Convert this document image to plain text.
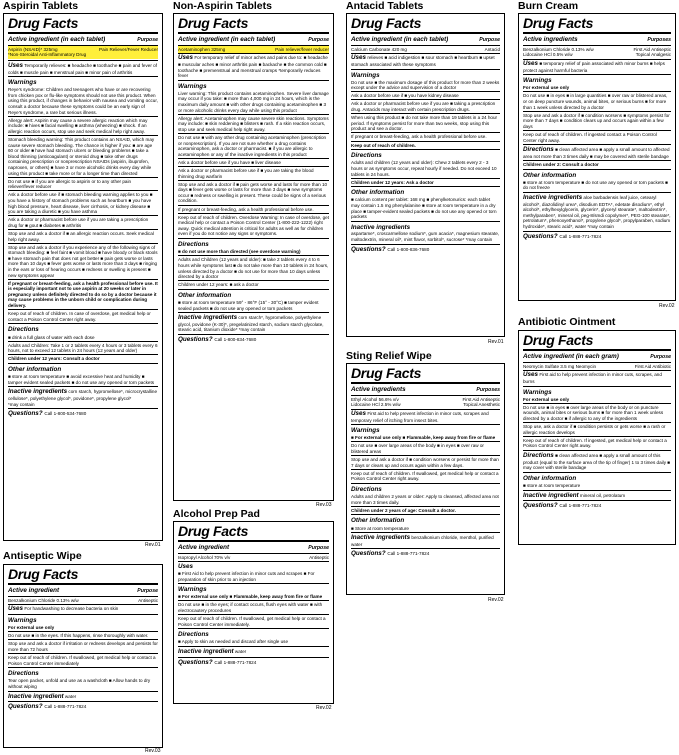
Aspirin Tablets
Drug Facts
Active ingredient (in each tablet)	Purpose
Aspirin (NSAID)* 325mg	Pain Reliever/Fever Reducer
*Non-Steroidal Anti-Inflammatory Drug
Uses Temporarily relieves: ■ headache ■ toothache ■ pain and fever of colds ■ muscle pain ■ menstrual pain ■ minor pain of arthritis
Warnings
Reye's syndrome: Children and teenagers who have or are recovering from chicken pox or flu-like symptoms should not use this product. When using this product, if changes in behavior with nausea and vomiting occur, consult a doctor because these symptoms could be an early sign of Reye's syndrome, a rare but serious illness.
Allergy alert: Aspirin may cause a severe allergic reaction which may include: ■ hives ■ facial swelling ■ asthma (wheezing) ■ shock. If an allergic reaction occurs, stop use and seek medical help right away.
Stomach bleeding warning: This product contains an NSAID, which may cause severe stomach bleeding. The chance is higher if you: ■ are age 60 or older ■ have had stomach ulcers or bleeding problems ■ take a blood thinning (anticoagulant) or steroid drug ■ take other drugs containing prescription or nonprescription NSAIDs (aspirin, ibuprofen, naproxen, or others) ■ have 3 or more alcoholic drinks every day while using this product ■ take more or for a longer time than directed
Do not use ■ if you are allergic to aspirin or to any other pain reliever/fever reducer
Ask a doctor before use if ■ stomach bleeding warning applies to you ■ you have a history of stomach problems such as heartburn ■ you have high blood pressure, heart disease, liver cirrhosis, or kidney disease ■ you are taking a diuretic ■ you have asthma
Ask a doctor or pharmacist before use if you are taking a prescription drug for ■ gout ■ diabetes ■ arthritis
Stop use and ask a doctor if ■ an allergic reaction occurs. Seek medical help right away.
Stop use and ask a doctor if you experience any of the following signs of stomach bleeding: ■ feel faint ■ vomit blood ■ have bloody or black stools ■ have stomach pain that does not get better ■ pain gets worse or lasts more than 10 days ■ fever gets worse or lasts more than 3 days ■ ringing in the ears or loss of hearing occurs ■ redness or swelling is present ■ new symptoms appear
If pregnant or breast-feeding, ask a health professional before use. It is especially important not to use aspirin at 20 weeks or later in pregnancy unless definitely directed to do so by a doctor because it may cause problems in the unborn child or complication during delivery.
Keep out of reach of children. In case of overdose, get medical help or contact a Poison Control Center right away.
Directions
■ drink a full glass of water with each dose
Adults and Children: Take 1 or 2 tablets every 4 hours or 3 tablets every 6 hours, not to exceed 12 tablets in 24 hours (12 years and older)
Children under 12 years: Consult a doctor
Other information
■ store at room temperature ■ avoid excessive heat and humidity ■ tamper evident sealed packets ■ do not use any opened or torn packets
Inactive ingredients corn starch, hypromellose*, microcrystalline cellulose*, polyethylene glycol*, povidone*, propylene glycol*
*may contain
Questions? Call 1-800-534-7680
Rev.01
Antiseptic Wipe
Drug Facts
Active ingredient	Purpose
Benzalkonium Chloride 0.13% w/w	Antiseptic
Uses For handwashing to decrease bacteria on skin
Warnings
For external use only
Do not use ■ in the eyes. If this happens, rinse thoroughly with water.
Stop use and ask a doctor if irritation or redness develops and persists for more than 72 hours
Keep out of reach of children. If swallowed, get medical help or contact a Poison Control Center immediately
Directions
Tear open packet, unfold and use as a washcloth ■ Allow hands to dry without wiping
Inactive ingredient water
Questions? Call 1-888-771-7824
Rev.03
Non-Aspirin Tablets
Drug Facts
Active ingredient (in each tablet)	Purpose
Acetaminophen 325mg	Pain reliever/fever reducer
Uses For temporary relief of minor aches and pains due to: ■ headache ■ muscular aches ■ minor arthritis pain ■ backache ■ the common cold ■ toothache ■ premenstrual and menstrual cramps *temporarily reduces fever
Warnings
Liver warning: This product contains acetaminophen. Severe liver damage may occur if you take: ■ more than 4,000 mg in 24 hours, which is the maximum daily amount ■ with other drugs containing acetaminophen ■ 3 or more alcoholic drinks every day while using this product
Allergy alert: Acetaminophen may cause severe skin reactions. Symptoms may include: ■ skin reddening ■ blisters ■ rash. If a skin reaction occurs, stop use and seek medical help right away.
Do not use ■ with any other drug containing acetaminophen (prescription or nonprescription). If you are not sure whether a drug contains acetaminophen, ask a doctor or pharmacist. ■ if you are allergic to acetaminophen or any of the inactive ingredients in this product
Ask a doctor before use if you have ■ liver disease
Ask a doctor or pharmacist before use if ■ you are taking the blood thinning drug warfarin
Stop use and ask a doctor if ■ pain gets worse and lasts for more than 10 days ■ fever gets worse or lasts for more than 3 days ■ new symptoms occur ■ redness or swelling is present. These could be signs of a serious condition.
If pregnant or breast-feeding, ask a health professional before use.
Keep out of reach of children. Overdose Warning: In case of overdose, get medical help or contact a Poison Control Center (1-800-222-1222) right away. Quick medical attention is critical for adults as well as for children even if you do not notice any signs or symptoms.
Directions
■ do not use more than directed (see overdose warning)
Adults and Children (12 years and older): ■ take 2 tablets every 4 to 6 hours while symptoms last ■ do not take more than 10 tablets in 24 hours, unless directed by a doctor ■ do not use for more than 10 days unless directed by a doctor
Children under 12 years: ■ ask a doctor
Other information
■ store at room temperature 59° - 86°F (15° - 30°C) ■ tamper evident sealed packets ■ do not use any opened or torn packets
Inactive ingredients corn starch*, hypromellose, polyethylene glycol, povidone (K-30)*, pregelatinized starch, sodium starch glycolate, stearic acid, titanium dioxide* *may contain
Questions? Call 1-800-834-7680
Rev.03
Alcohol Prep Pad
Drug Facts
Active ingredient	Purpose
Isopropyl Alcohol 70% v/v	Antiseptic
Uses
■ First Aid to help prevent infection in minor cuts and scrapes ■ For preparation of skin prior to an injection
Warnings
■ For external use only ■ Flammable, keep away from fire or flame
Do not use ■ in the eyes; if contact occurs, flush eyes with water ■ with electrocautery procedures
Keep out of reach of children. If swallowed, get medical help or contact a Poison Control Center immediately.
Directions
■ Apply to skin as needed and discard after single use
Inactive ingredient water
Questions? Call 1-888-771-7824
Rev.02
Antacid Tablets
Drug Facts
Active ingredient (in each tablet)	Purpose
Calcium Carbonate 420 mg	Antacid
Uses relieves ■ acid indigestion ■ sour stomach ■ heartburn ■ upset stomach associated with these symptoms
Warnings
Do not use ■ the maximum dosage of this product for more than 2 weeks except under the advice and supervision of a doctor
Ask a doctor before use if ■ you have kidney disease
Ask a doctor or pharmacist before use if you are ■ taking a prescription drug. Antacids may interact with certain prescription drugs.
When using this product ■ do not take more than 19 tablets in a 24 hour period. If symptoms persist for more than two weeks, stop using this product and see a doctor.
If pregnant or breast-feeding, ask a health professional before use.
Keep out of reach of children.
Directions
Adults and children (12 years and older): Chew 2 tablets every 2 - 3 hours or as symptoms occur, repeat hourly if needed. Do not exceed 10 tablets in 24 hours.
Children under 12 years: Ask a doctor
Other information
■ calcium content per tablet: 168 mg ■ phenylketonurics: each tablet may contain 1.5 mg phenylalanine ■ store at room temperature in a dry place ■ tamper-evident sealed packets ■ do not use any opened or torn packets
Inactive ingredients
aspartame*, croscarmellose sodium*, gum acacia*, magnesium stearate, maltodextrin, mineral oil*, mint flavor, sorbitol*, sucrose* *may contain
Questions? Call 1-800-836-7680
Rev.01
Sting Relief Wipe
Drug Facts
Active ingredients	Purposes
Ethyl Alcohol 56.6% v/v	First Aid Antiseptic
Lidocaine HCl 2.5% w/w	Topical Anesthetic
Uses First aid to help prevent infection in minor cuts, scrapes and temporary relief of itching from insect bites.
Warnings
■ For external use only ■ Flammable, keep away from fire or flame
Do not use ■ over large areas of the body ■ in eyes ■ over raw or blistered areas
Stop use and ask a doctor if ■ condition worsens or persist for more than 7 days or clears up and occurs again within a few days.
Keep out of reach of children. If swallowed, get medical help or contact a Poison Control Center right away.
Directions
Adults and children 2 years or older: Apply to cleansed, affected area not more than 3 times daily.
Children under 2 years of age: Consult a doctor.
Other information
■ Store at room temperature
Inactive ingredients benzalkonium chloride, menthol, purified water
Questions? Call 1-888-771-7824
Rev.02
Burn Cream
Drug Facts
Active ingredients	Purposes
Benzalkonium Chloride 0.13% w/w	First Aid Antiseptic
Lidocaine HCl 0.5% w/w	Topical Analgesic
Uses ■ temporary relief of pain associated with minor burns ■ helps protect against harmful bacteria
Warnings
For external use only
Do not use ■ in eyes ■ in large quantities ■ over raw or blistered areas, or on deep puncture wounds, animal bites, or serious burns ■ for more than 1 week unless directed by a doctor
Stop use and ask a doctor if ■ condition worsens ■ symptoms persist for more than 7 days ■ condition clears up and occurs again within a few days
Keep out of reach of children. If ingested contact a Poison Control Center right away.
Directions ■ clean affected area ■ apply a small amount to affected area not more than 3 times daily ■ may be covered with sterile bandage
Children under 2: Consult a doctor
Other information
■ store at room temperature ■ do not use any opened or torn packets ■ do not freeze
Inactive ingredients aloe barbadensis leaf juice, cetearyl alcohol*, diazolidinyl urea*, disodium EDTA*, edetate disodium*, ethyl alcohol*, ethylhexylglycerin, glycerin*, glyceryl stearate*, maltodextrin*, methylparaben*, mineral oil, peg-8/smdi copolymer*, PEG-100 stearate*, petrolatum*, phenoxyethanol*, propylene glycol*, propylparaben, sodium hydroxide*, stearic acid*, water *may contain
Questions? Call 1-888-771-7824
Rev.02
Antibiotic Ointment
Drug Facts
Active ingredient (in each gram)	Purpose
Neomycin Sulfate 3.5 mg Neomycin	First Aid Antibiotic
Uses First aid to help prevent infection in minor cuts, scrapes, and burns
Warnings
For external use only
Do not use ■ in eyes ■ over large areas of the body or on puncture wounds, animal bites or serious burns ■ for more than 1 week unless directed by a doctor ■ if allergic to any of the ingredients
Stop use, ask a doctor if ■ condition persists or gets worse ■ a rash or allergic reaction develops
Keep out of reach of children. If ingested, get medical help or contact a Poison Control Center right away.
Directions ■ clean affected area ■ apply a small amount of this product (equal to the surface area of the tip of finger) 1 to 3 times daily ■ may cover with sterile bandage
Other information
■ store at room temperature
Inactive ingredient mineral oil, petrolatum
Questions? Call 1-888-771-7824
